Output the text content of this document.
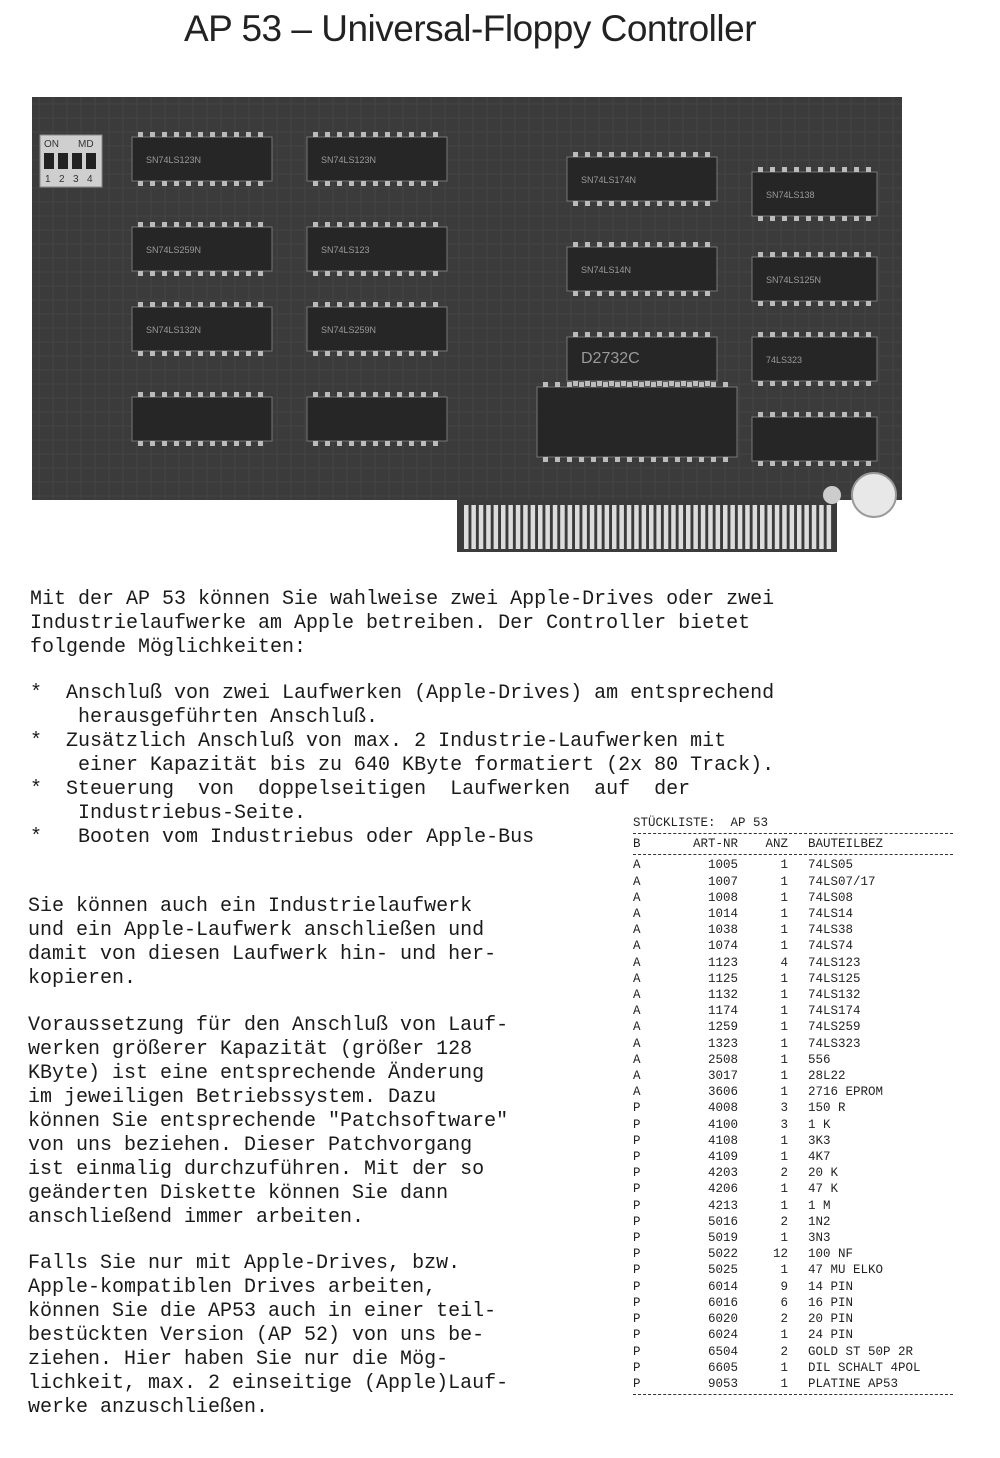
AP 53 – Universal-Floppy Controller
ON MD
1 2 3 4
SN74LS123N	SN74LS123N
SN74LS174N
SN74LS138
SN74LS259N	SN74LS123
SN74LS14N
SN74LS125N
SN74LS132N	SN74LS259N
D2732C	74LS323
Mit der AP 53 können Sie wahlweise zwei Apple-Drives oder zwei
Industrielaufwerke am Apple betreiben. Der Controller bietet
folgende Möglichkeiten:
*  Anschluß von zwei Laufwerken (Apple-Drives) am entsprechend
herausgeführten Anschluß.
*  Zusätzlich Anschluß von max. 2 Industrie-Laufwerken mit
einer Kapazität bis zu 640 KByte formatiert (2x 80 Track).
*  Steuerung  von  doppelseitigen  Laufwerken  auf  der
Industriebus-Seite.
*   Booten vom Industriebus oder Apple-Bus
Sie können auch ein Industrielaufwerk
und ein Apple-Laufwerk anschließen und
damit von diesen Laufwerk hin- und her-
kopieren.
Voraussetzung für den Anschluß von Lauf-
werken größerer Kapazität (größer 128
KByte) ist eine entsprechende Änderung
im jeweiligen Betriebssystem. Dazu
können Sie entsprechende "Patchsoftware"
von uns beziehen. Dieser Patchvorgang
ist einmalig durchzuführen. Mit der so
geänderten Diskette können Sie dann
anschließend immer arbeiten.
Falls Sie nur mit Apple-Drives, bzw.
Apple-kompatiblen Drives arbeiten,
können Sie die AP53 auch in einer teil-
bestückten Version (AP 52) von uns be-
ziehen. Hier haben Sie nur die Mög-
lichkeit, max. 2 einseitige (Apple)Lauf-
werke anzuschließen.
STÜCKLISTE:  AP 53
B	ART-NR	ANZ	BAUTEILBEZ
A	1005	1	74LS05
A	1007	1	74LS07/17
A	1008	1	74LS08
A	1014	1	74LS14
A	1038	1	74LS38
A	1074	1	74LS74
A	1123	4	74LS123
A	1125	1	74LS125
A	1132	1	74LS132
A	1174	1	74LS174
A	1259	1	74LS259
A	1323	1	74LS323
A	2508	1	556
A	3017	1	28L22
A	3606	1	2716 EPROM
P	4008	3	150 R
P	4100	3	1 K
P	4108	1	3K3
P	4109	1	4K7
P	4203	2	20 K
P	4206	1	47 K
P	4213	1	1 M
P	5016	2	1N2
P	5019	1	3N3
P	5022	12	100 NF
P	5025	1	47 MU ELKO
P	6014	9	14 PIN
P	6016	6	16 PIN
P	6020	2	20 PIN
P	6024	1	24 PIN
P	6504	2	GOLD ST 50P 2R
P	6605	1	DIL SCHALT 4POL
P	9053	1	PLATINE AP53
